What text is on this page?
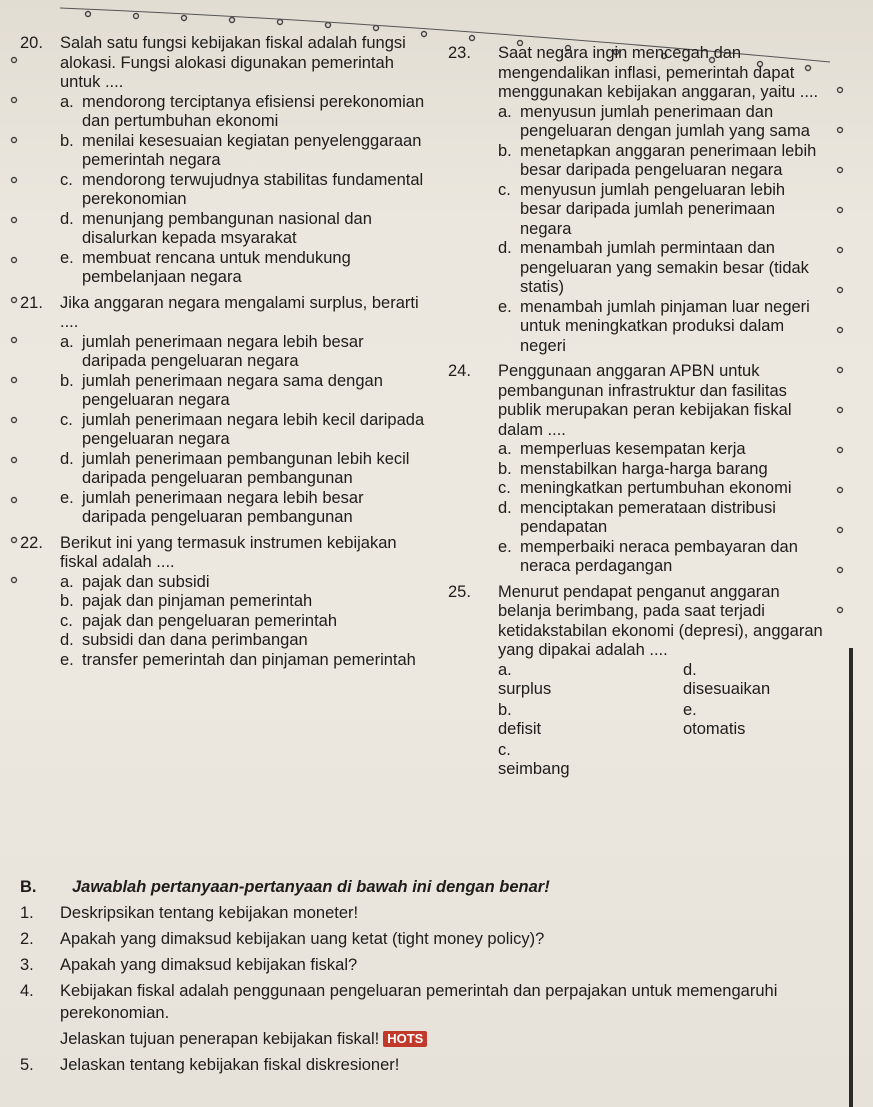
20. Salah satu fungsi kebijakan fiskal adalah fungsi alokasi. Fungsi alokasi digunakan pemerintah untuk ....
a. mendorong terciptanya efisiensi perekonomian dan pertumbuhan ekonomi
b. menilai kesesuaian kegiatan penyelenggaraan pemerintah negara
c. mendorong terwujudnya stabilitas fundamental perekonomian
d. menunjang pembangunan nasional dan disalurkan kepada msyarakat
e. membuat rencana untuk mendukung pembelanjaan negara
21. Jika anggaran negara mengalami surplus, berarti ....
a. jumlah penerimaan negara lebih besar daripada pengeluaran negara
b. jumlah penerimaan negara sama dengan pengeluaran negara
c. jumlah penerimaan negara lebih kecil daripada pengeluaran negara
d. jumlah penerimaan pembangunan lebih kecil daripada pengeluaran pembangunan
e. jumlah penerimaan negara lebih besar daripada pengeluaran pembangunan
22. Berikut ini yang termasuk instrumen kebijakan fiskal adalah ....
a. pajak dan subsidi
b. pajak dan pinjaman pemerintah
c. pajak dan pengeluaran pemerintah
d. subsidi dan dana perimbangan
e. transfer pemerintah dan pinjaman pemerintah
23. Saat negara ingin mencegah dan mengendalikan inflasi, pemerintah dapat menggunakan kebijakan anggaran, yaitu ....
a. menyusun jumlah penerimaan dan pengeluaran dengan jumlah yang sama
b. menetapkan anggaran penerimaan lebih besar daripada pengeluaran negara
c. menyusun jumlah pengeluaran lebih besar daripada jumlah penerimaan negara
d. menambah jumlah permintaan dan pengeluaran yang semakin besar (tidak statis)
e. menambah jumlah pinjaman luar negeri untuk meningkatkan produksi dalam negeri
24. Penggunaan anggaran APBN untuk pembangunan infrastruktur dan fasilitas publik merupakan peran kebijakan fiskal dalam ....
a. memperluas kesempatan kerja
b. menstabilkan harga-harga barang
c. meningkatkan pertumbuhan ekonomi
d. menciptakan pemerataan distribusi pendapatan
e. memperbaiki neraca pembayaran dan neraca perdagangan
25. Menurut pendapat penganut anggaran belanja berimbang, pada saat terjadi ketidakstabilan ekonomi (depresi), anggaran yang dipakai adalah ....
a.
surplus
d.
disesuaikan
b.
defisit
e.
otomatis
c.
seimbang
B. Jawablah pertanyaan-pertanyaan di bawah ini dengan benar!
1. Deskripsikan tentang kebijakan moneter!
2. Apakah yang dimaksud kebijakan uang ketat (tight money policy)?
3. Apakah yang dimaksud kebijakan fiskal?
4. Kebijakan fiskal adalah penggunaan pengeluaran pemerintah dan perpajakan untuk memengaruhi perekonomian.
Jelaskan tujuan penerapan kebijakan fiskal! HOTS
5. Jelaskan tentang kebijakan fiskal diskresioner!
